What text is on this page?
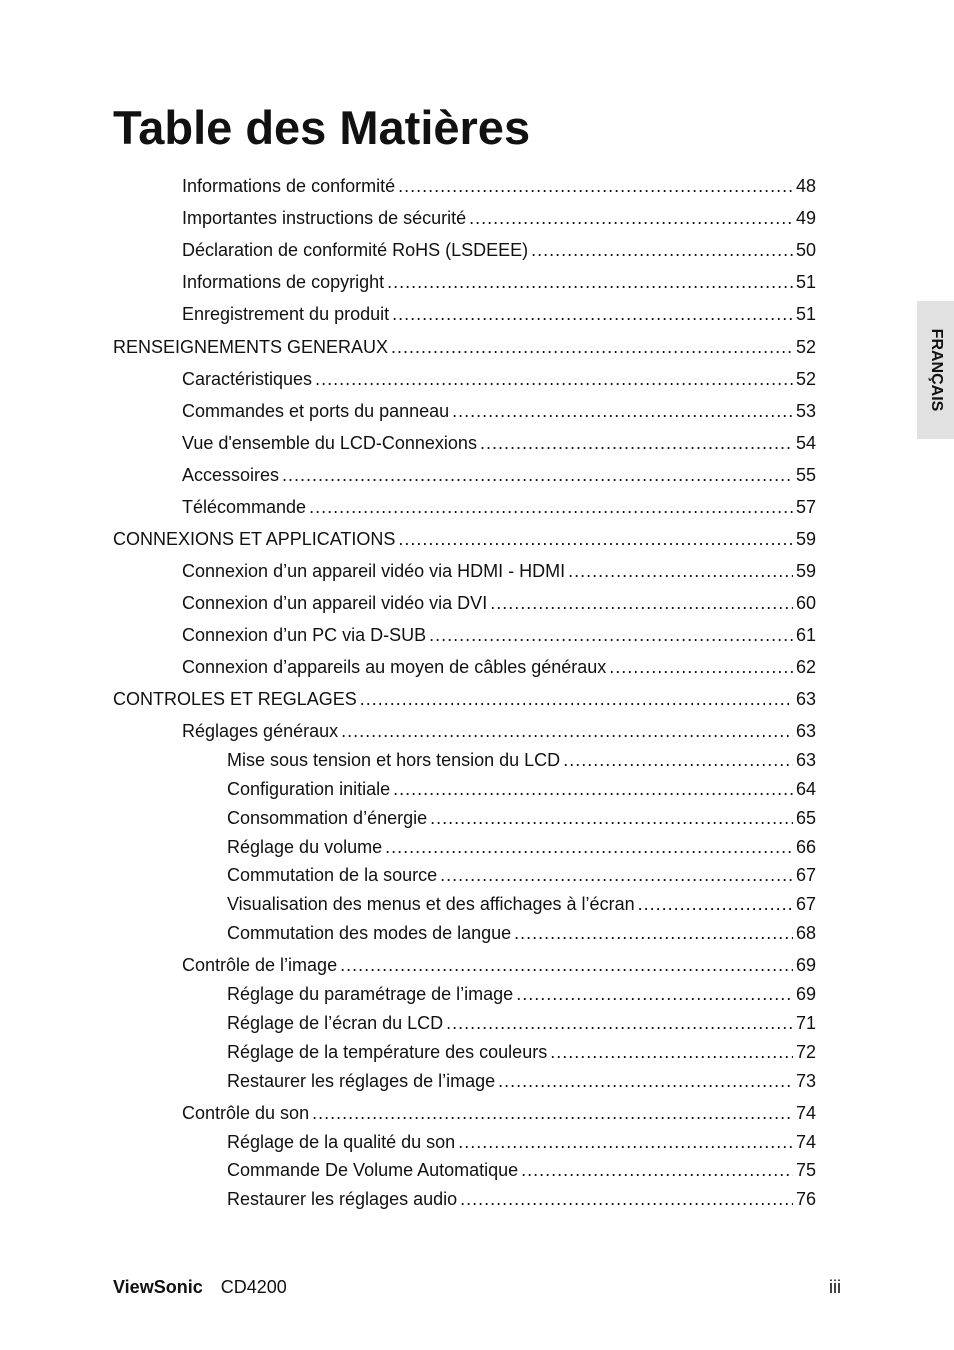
Table des Matières
Informations de conformité .....	48
Importantes instructions de sécurité .....	49
Déclaration de conformité RoHS (LSDEEE) .....	50
Informations de copyright .....	51
Enregistrement du produit .....	51
RENSEIGNEMENTS GENERAUX .....	52
Caractéristiques .....	52
Commandes et ports du panneau .....	53
Vue d'ensemble du LCD-Connexions .....	54
Accessoires .....	55
Télécommande .....	57
CONNEXIONS ET APPLICATIONS .....	59
Connexion d’un appareil vidéo via HDMI - HDMI .....	59
Connexion d’un appareil vidéo via DVI .....	60
Connexion d’un PC via D-SUB .....	61
Connexion d’appareils au moyen de câbles généraux .....	62
CONTROLES ET REGLAGES .....	63
Réglages généraux .....	63
Mise sous tension et hors tension du LCD .....	63
Configuration initiale .....	64
Consommation d’énergie .....	65
Réglage du volume .....	66
Commutation de la source .....	67
Visualisation des menus et des affichages à l’écran .....	67
Commutation des modes de langue .....	68
Contrôle de l’image .....	69
Réglage du paramétrage de l’image .....	69
Réglage de l’écran du LCD .....	71
Réglage de la température des couleurs .....	72
Restaurer les réglages de l’image .....	73
Contrôle du son .....	74
Réglage de la qualité du son .....	74
Commande De Volume Automatique .....	75
Restaurer les réglages audio .....	76
FRANÇAIS
ViewSonic CD4200	iii
